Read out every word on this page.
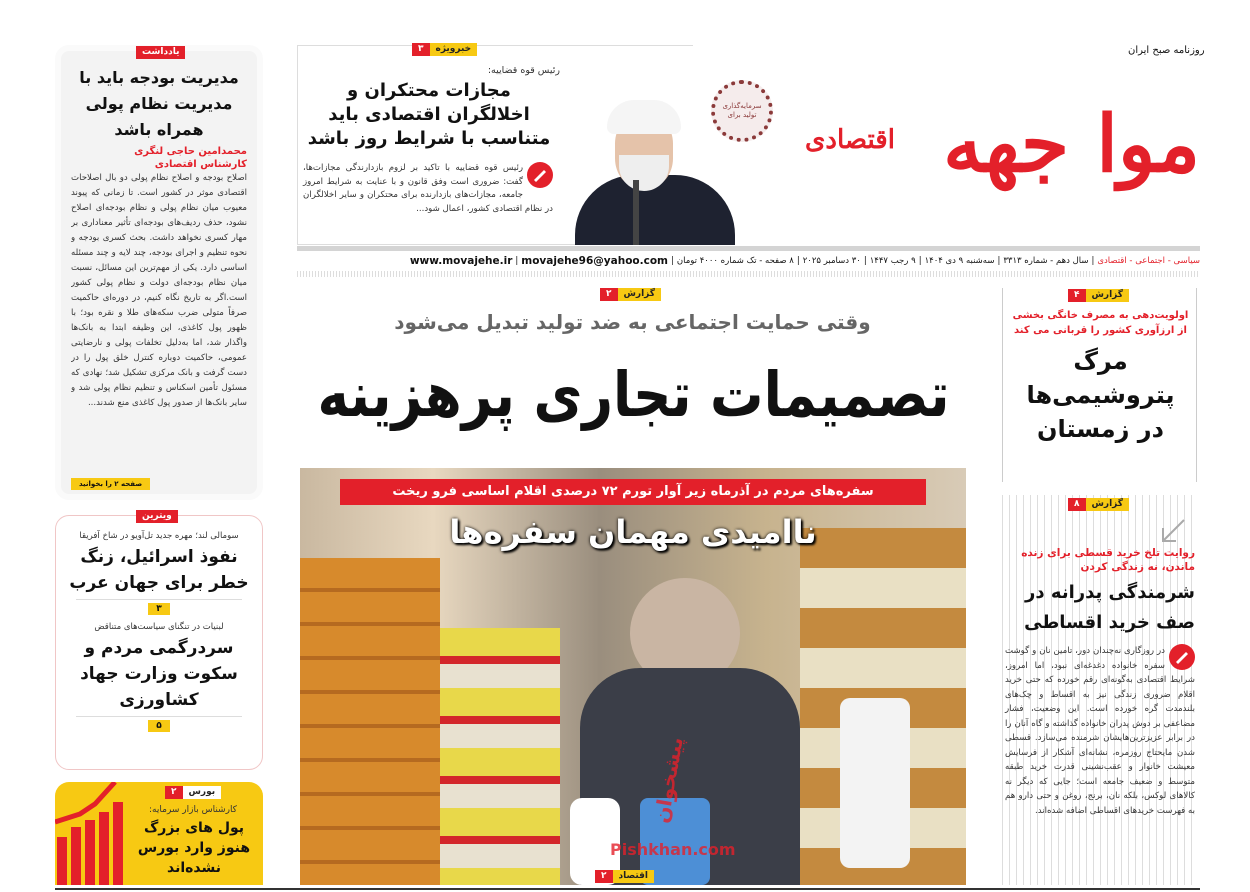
یادداشت
مدیریت بودجه باید با مدیریت نظام پولی همراه باشد
محمدامین حاجی لنگری
کارشناس اقتصادی
اصلاح بودجه و اصلاح نظام پولی دو بال اصلاحات اقتصادی موثر در کشور است. تا زمانی که پیوند معیوب میان نظام پولی و نظام بودجه‌ای اصلاح نشود، حذف ردیف‌های بودجه‌ای تأثیر معناداری بر مهار کسری نخواهد داشت. بحث کسری بودجه و نحوه تنظیم و اجرای بودجه، چند لایه و چند مسئله اساسی دارد. یکی از مهم‌ترین این مسائل، نسبت میان نظام بودجه‌ای دولت و نظام پولی کشور است.اگر به تاریخ نگاه کنیم، در دوره‌ای حاکمیت صرفاً متولی ضرب سکه‌های طلا و نقره بود؛ با ظهور پول کاغذی، این وظیفه ابتدا به بانک‌ها واگذار شد، اما به‌دلیل تخلفات پولی و نارضایتی عمومی، حاکمیت دوباره کنترل خلق پول را در دست گرفت و بانک مرکزی تشکیل شد؛ نهادی که مسئول تأمین اسکناس و تنظیم نظام پولی شد و سایر بانک‌ها از صدور پول کاغذی منع شدند...
صفحه ۲ را بخوانید
ویترین
سومالی لند؛ مهره جدید تل‌آویو در شاخ آفریقا
نفوذ اسرائیل، زنگ خطر برای جهان عرب
۳
لبنیات در تنگنای سیاست‌های متناقض
سردرگمی مردم و سکوت وزارت جهاد کشاورزی
۵
بورس
۲
کارشناس بازار سرمایه:
پول های بزرگ هنوز وارد بورس نشده‌اند
خبرویژه
۳
رئیس قوه قضاییه:
مجازات محتکران و اخلالگران اقتصادی باید متناسب با شرایط روز باشد
رئیس قوه قضاییه با تاکید بر لزوم بازدارندگی مجازات‌ها، گفت: ضروری است وفق قانون و با عنایت به شرایط امروز جامعه، مجازات‌های بازدارنده برای محتکران و سایر اخلالگران در نظام اقتصادی کشور، اعمال شود...
روزنامه صبح ایران
موا جهه
اقتصادی
سرمایه‌گذاری تولید برای
سیاسی - اجتماعی - اقتصادی
|
سال دهم - شماره ۳۳۱۳
|
سه‌شنبه ۹ دی ۱۴۰۴
|
۹ رجب ۱۴۴۷
|
۳۰ دسامبر ۲۰۲۵
|
۸ صفحه - تک شماره ۴۰۰۰ تومان
|
movajehe96@yahoo.com
|
www.movajehe.ir
گزارش
۲
وقتی حمایت اجتماعی به ضد تولید تبدیل می‌شود
تصمیمات تجاری پرهزینه
سفره‌های مردم در آذرماه زیر آوار تورم ۷۲ درصدی اقلام اساسی فرو ریخت
ناامیدی مهمان سفره‌ها
پیشخوان
Pishkhan.com
اقتصاد
۲
گزارش
۴
اولویت‌دهی به مصرف خانگی بخشی از ارزآوری کشور را قربانی می کند
مرگ پتروشیمی‌ها در زمستان
گزارش
۸
روایت تلخ خرید قسطی برای زنده ماندن، نه زندگی کردن
شرمندگی پدرانه در صف خرید اقساطی
در روزگاری نه‌چندان دور، تامین نان و گوشت سفره خانواده دغدغه‌ای نبود، اما امروز، شرایط اقتصادی به‌گونه‌ای رقم خورده که حتی خرید اقلام ضروری زندگی نیز به اقساط و چک‌های بلندمدت گره خورده است. این وضعیت، فشار مضاعفی بر دوش پدران خانواده گذاشته و گاه آنان را در برابر عزیزترین‌هایشان شرمنده می‌سازد. قسطی شدن مایحتاج روزمره، نشانه‌ای آشکار از فرسایش معیشت خانوار و عقب‌نشینی قدرت خرید طبقه متوسط و ضعیف جامعه است؛ جایی که دیگر نه کالاهای لوکس، بلکه نان، برنج، روغن و حتی دارو هم به فهرست خریدهای اقساطی اضافه شده‌اند.
